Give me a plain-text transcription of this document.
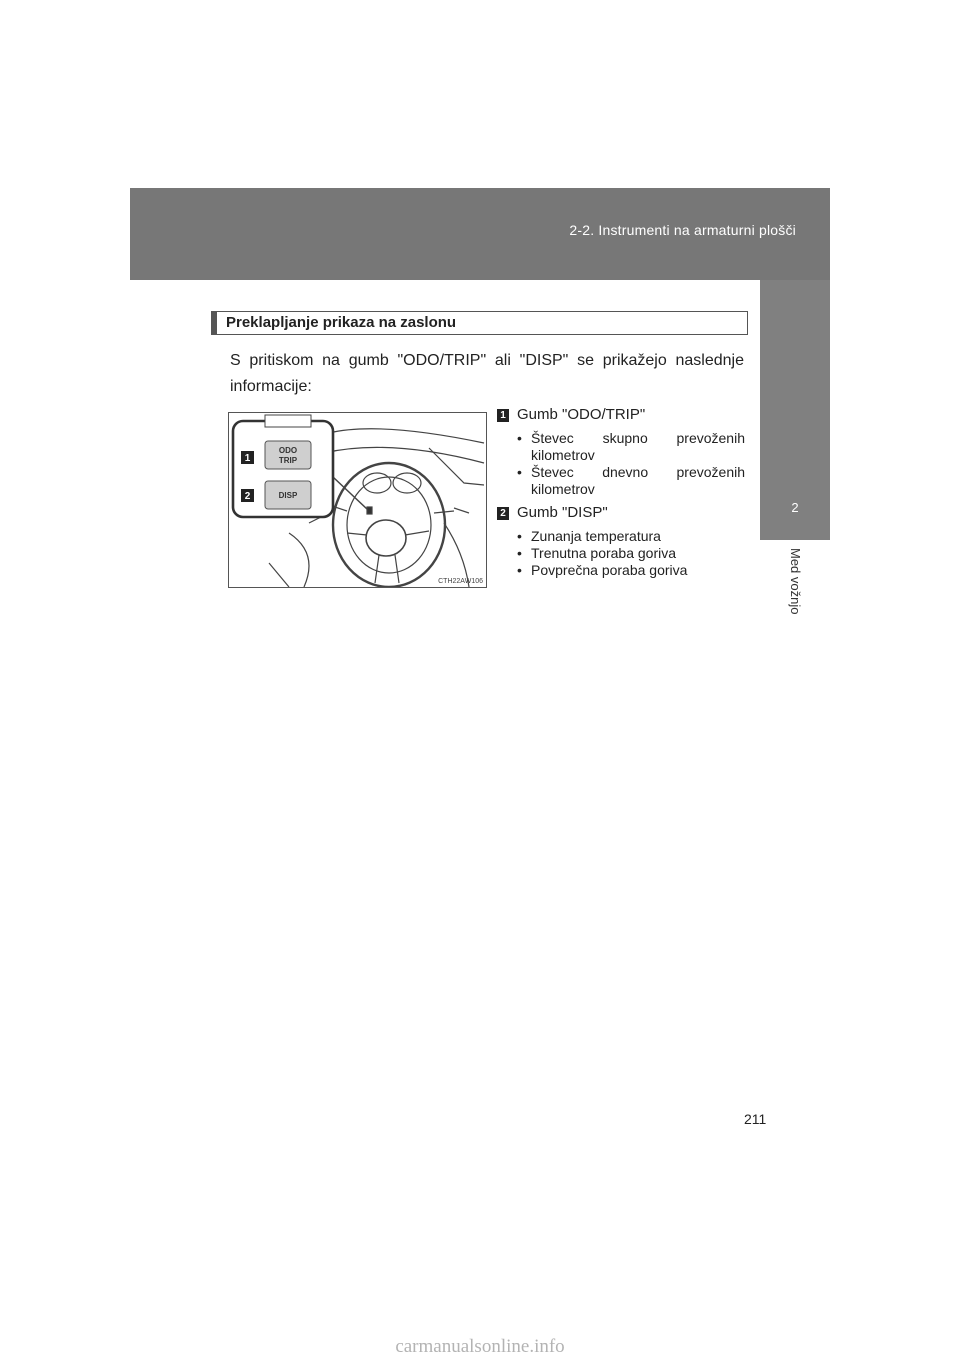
2-2. Instrumenti na armaturni plošči
2
Med vožnjo
Preklapljanje prikaza na zaslonu
S pritiskom na gumb "ODO/TRIP" ali "DISP" se prikažejo naslednje informacije:
1
2
ODO
TRIP
DISP
CTH22AW106
1 Gumb "ODO/TRIP"
• Števec skupno prevoženih kilometrov
• Števec dnevno prevoženih kilometrov
2 Gumb "DISP"
• Zunanja temperatura
• Trenutna poraba goriva
• Povprečna poraba goriva
211
carmanualsonline.info
